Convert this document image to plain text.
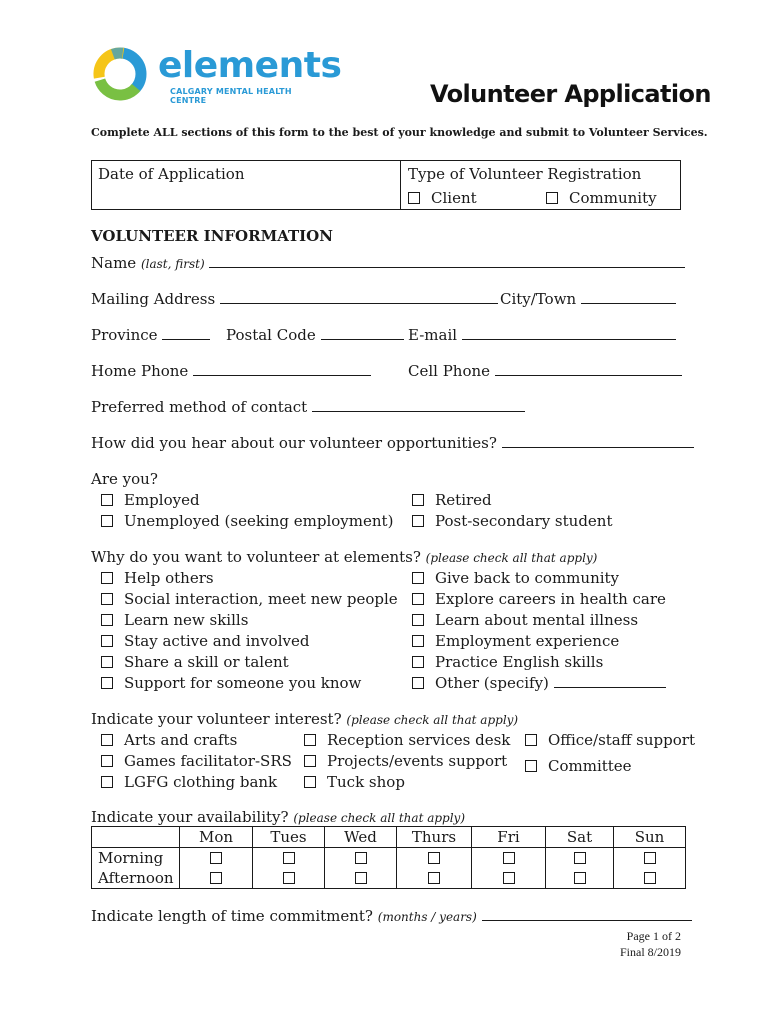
elements
CALGARY MENTAL HEALTH CENTRE	Volunteer Application
Complete ALL sections of this form to the best of your knowledge and submit to Volunteer Services.
Date of Application	Type of Volunteer Registration
Client	Community
VOLUNTEER INFORMATION
Name (last, first)
Mailing Address	City/Town
Province	Postal Code	E-mail
Home Phone	Cell Phone
Preferred method of contact
How did you hear about our volunteer opportunities?
Are you?
Employed	Retired
Unemployed (seeking employment)	Post-secondary student
Why do you want to volunteer at elements? (please check all that apply)
Help others
Social interaction, meet new people
Learn new skills
Stay active and involved
Share a skill or talent
Support for someone you know
Give back to community
Explore careers in health care
Learn about mental illness
Employment experience
Practice English skills
Other (specify)
Indicate your volunteer interest? (please check all that apply)
Arts and crafts
Games facilitator-SRS
LGFG clothing bank
Reception services desk
Projects/events support
Tuck shop
Office/staff support
Committee
Indicate your availability? (please check all that apply)
	Mon	Tues	Wed	Thurs	Fri	Sat	Sun
Morning							
Afternoon							
Indicate length of time commitment? (months / years)
Page 1 of 2
Final 8/2019
